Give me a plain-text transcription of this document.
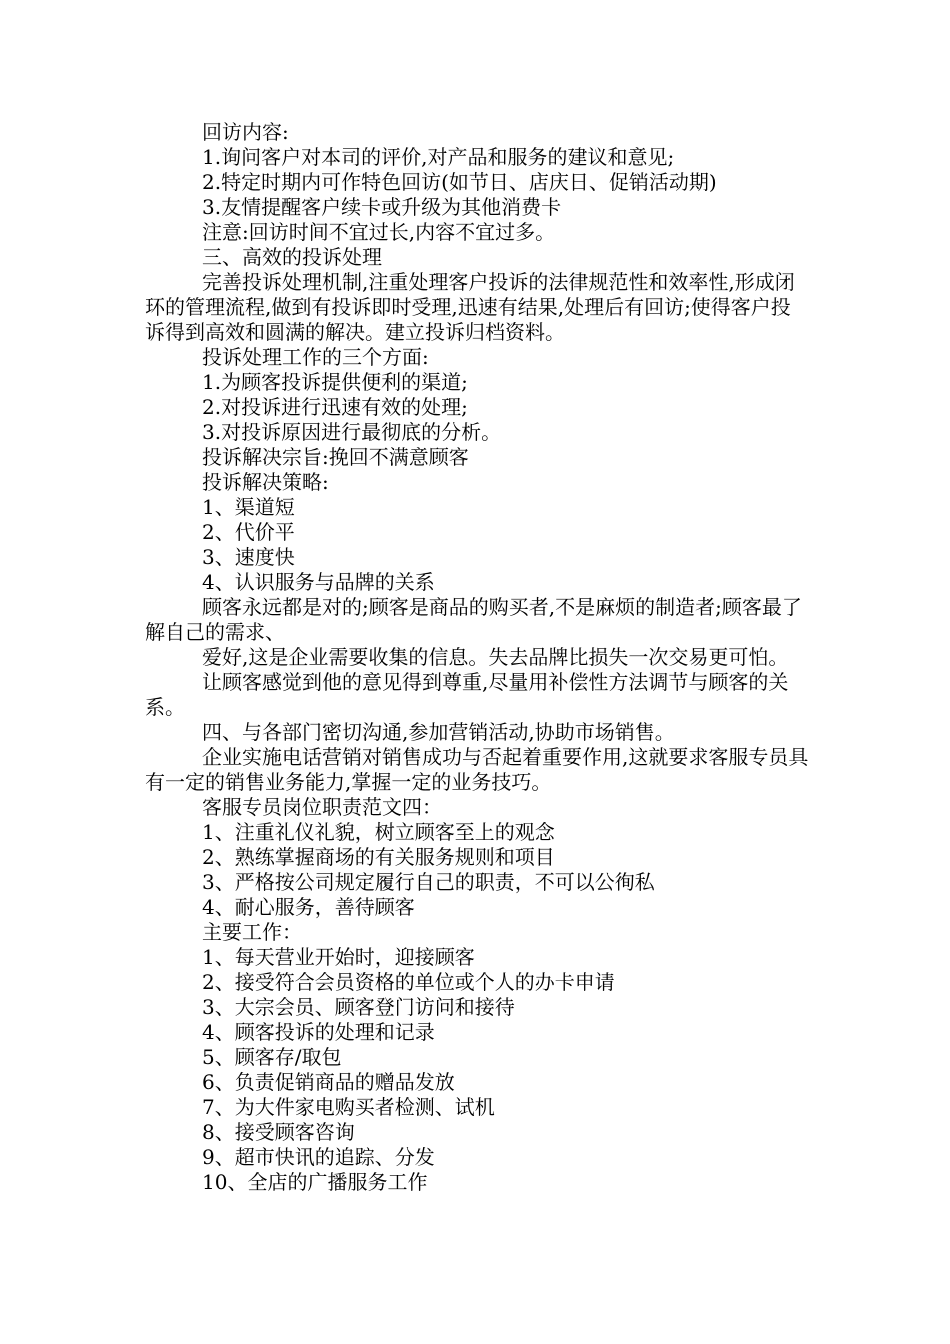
回访内容:

1.询问客户对本司的评价,对产品和服务的建议和意见;

2.特定时期内可作特色回访(如节日、店庆日、促销活动期)

3.友情提醒客户续卡或升级为其他消费卡

注意:回访时间不宜过长,内容不宜过多。

三、高效的投诉处理

完善投诉处理机制,注重处理客户投诉的法律规范性和效率性,形成闭环的管理流程,做到有投诉即时受理,迅速有结果,处理后有回访;使得客户投诉得到高效和圆满的解决。建立投诉归档资料。

投诉处理工作的三个方面:

1.为顾客投诉提供便利的渠道;

2.对投诉进行迅速有效的处理;

3.对投诉原因进行最彻底的分析。

投诉解决宗旨:挽回不满意顾客

投诉解决策略:

1、渠道短

2、代价平

3、速度快

4、认识服务与品牌的关系

顾客永远都是对的;顾客是商品的购买者,不是麻烦的制造者;顾客最了解自己的需求、

爱好,这是企业需要收集的信息。失去品牌比损失一次交易更可怕。

让顾客感觉到他的意见得到尊重,尽量用补偿性方法调节与顾客的关系。

四、与各部门密切沟通,参加营销活动,协助市场销售。

企业实施电话营销对销售成功与否起着重要作用,这就要求客服专员具有一定的销售业务能力,掌握一定的业务技巧。

客服专员岗位职责范文四：

1、注重礼仪礼貌，树立顾客至上的观念

2、熟练掌握商场的有关服务规则和项目

3、严格按公司规定履行自己的职责，不可以公徇私

4、耐心服务，善待顾客

主要工作：

1、每天营业开始时，迎接顾客

2、接受符合会员资格的单位或个人的办卡申请

3、大宗会员、顾客登门访问和接待

4、顾客投诉的处理和记录

5、顾客存/取包

6、负责促销商品的赠品发放

7、为大件家电购买者检测、试机

8、接受顾客咨询

9、超市快讯的追踪、分发

10、全店的广播服务工作
